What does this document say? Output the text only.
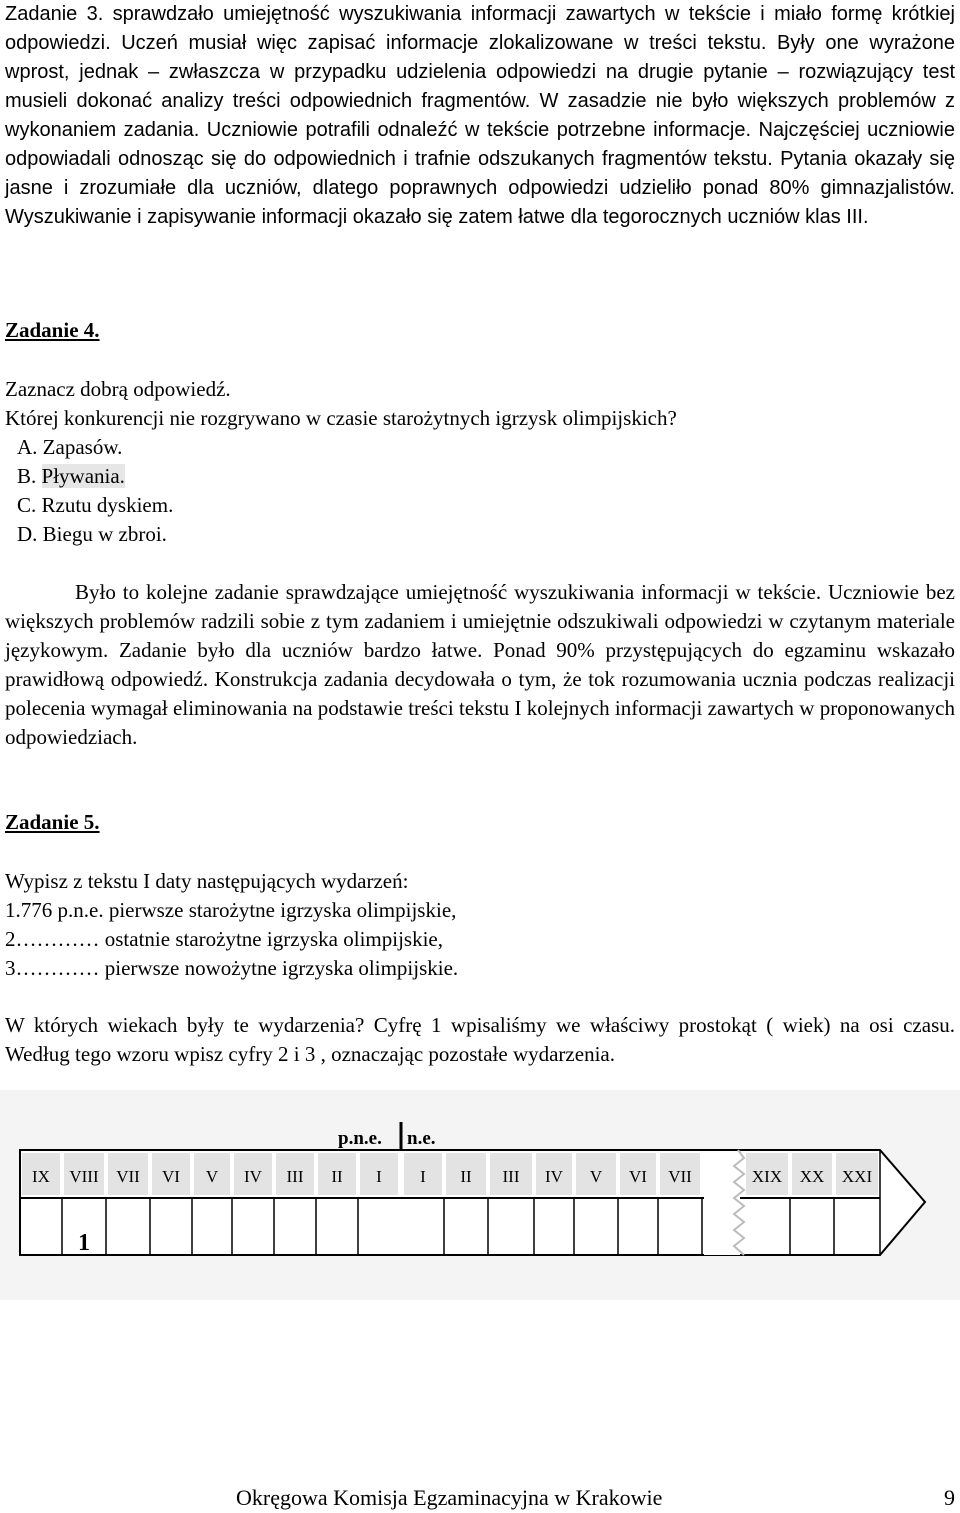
Zadanie 3. sprawdzało umiejętność wyszukiwania informacji zawartych w tekście i miało formę krótkiej odpowiedzi. Uczeń musiał więc zapisać informacje zlokalizowane w treści tekstu. Były one wyrażone wprost, jednak – zwłaszcza w przypadku udzielenia odpowiedzi na drugie pytanie – rozwiązujący test musieli dokonać analizy treści odpowiednich fragmentów. W zasadzie nie było większych problemów z wykonaniem zadania. Uczniowie potrafili odnaleźć w tekście potrzebne informacje. Najczęściej uczniowie odpowiadali odnosząc się do odpowiednich i trafnie odszukanych fragmentów tekstu. Pytania okazały się jasne i zrozumiałe dla uczniów, dlatego poprawnych odpowiedzi udzieliło ponad 80% gimnazjalistów. Wyszukiwanie i zapisywanie informacji okazało się zatem łatwe dla tegorocznych uczniów klas III.

Zadanie 4.

Zaznacz dobrą odpowiedź.

Której konkurencji nie rozgrywano w czasie starożytnych igrzysk olimpijskich?

A. Zapasów.

B. Pływania.

C. Rzutu dyskiem.

D. Biegu w zbroi.

Było to kolejne zadanie sprawdzające umiejętność wyszukiwania informacji w tekście. Uczniowie bez większych problemów radzili sobie z tym zadaniem i umiejętnie odszukiwali odpowiedzi w czytanym materiale językowym. Zadanie było dla uczniów bardzo łatwe. Ponad 90% przystępujących do egzaminu wskazało prawidłową odpowiedź. Konstrukcja zadania decydowała o tym, że tok rozumowania ucznia podczas realizacji polecenia wymagał eliminowania na podstawie treści tekstu I kolejnych informacji zawartych w proponowanych odpowiedziach.

Zadanie 5.

Wypisz z tekstu I daty następujących wydarzeń:

1.776 p.n.e. pierwsze starożytne igrzyska olimpijskie,

2………… ostatnie starożytne igrzyska olimpijskie,

3………… pierwsze nowożytne igrzyska olimpijskie.

W których wiekach były te wydarzenia? Cyfrę 1 wpisaliśmy we właściwy prostokąt ( wiek) na osi czasu. Według tego wzoru wpisz cyfry 2 i 3 , oznaczając pozostałe wydarzenia.

p.n.e. n.e.
IX VIII VII VI V IV III II I I II III IV V VI VII	XIX XX XXI
1

Okręgowa Komisja Egzaminacyjna w Krakowie	9
